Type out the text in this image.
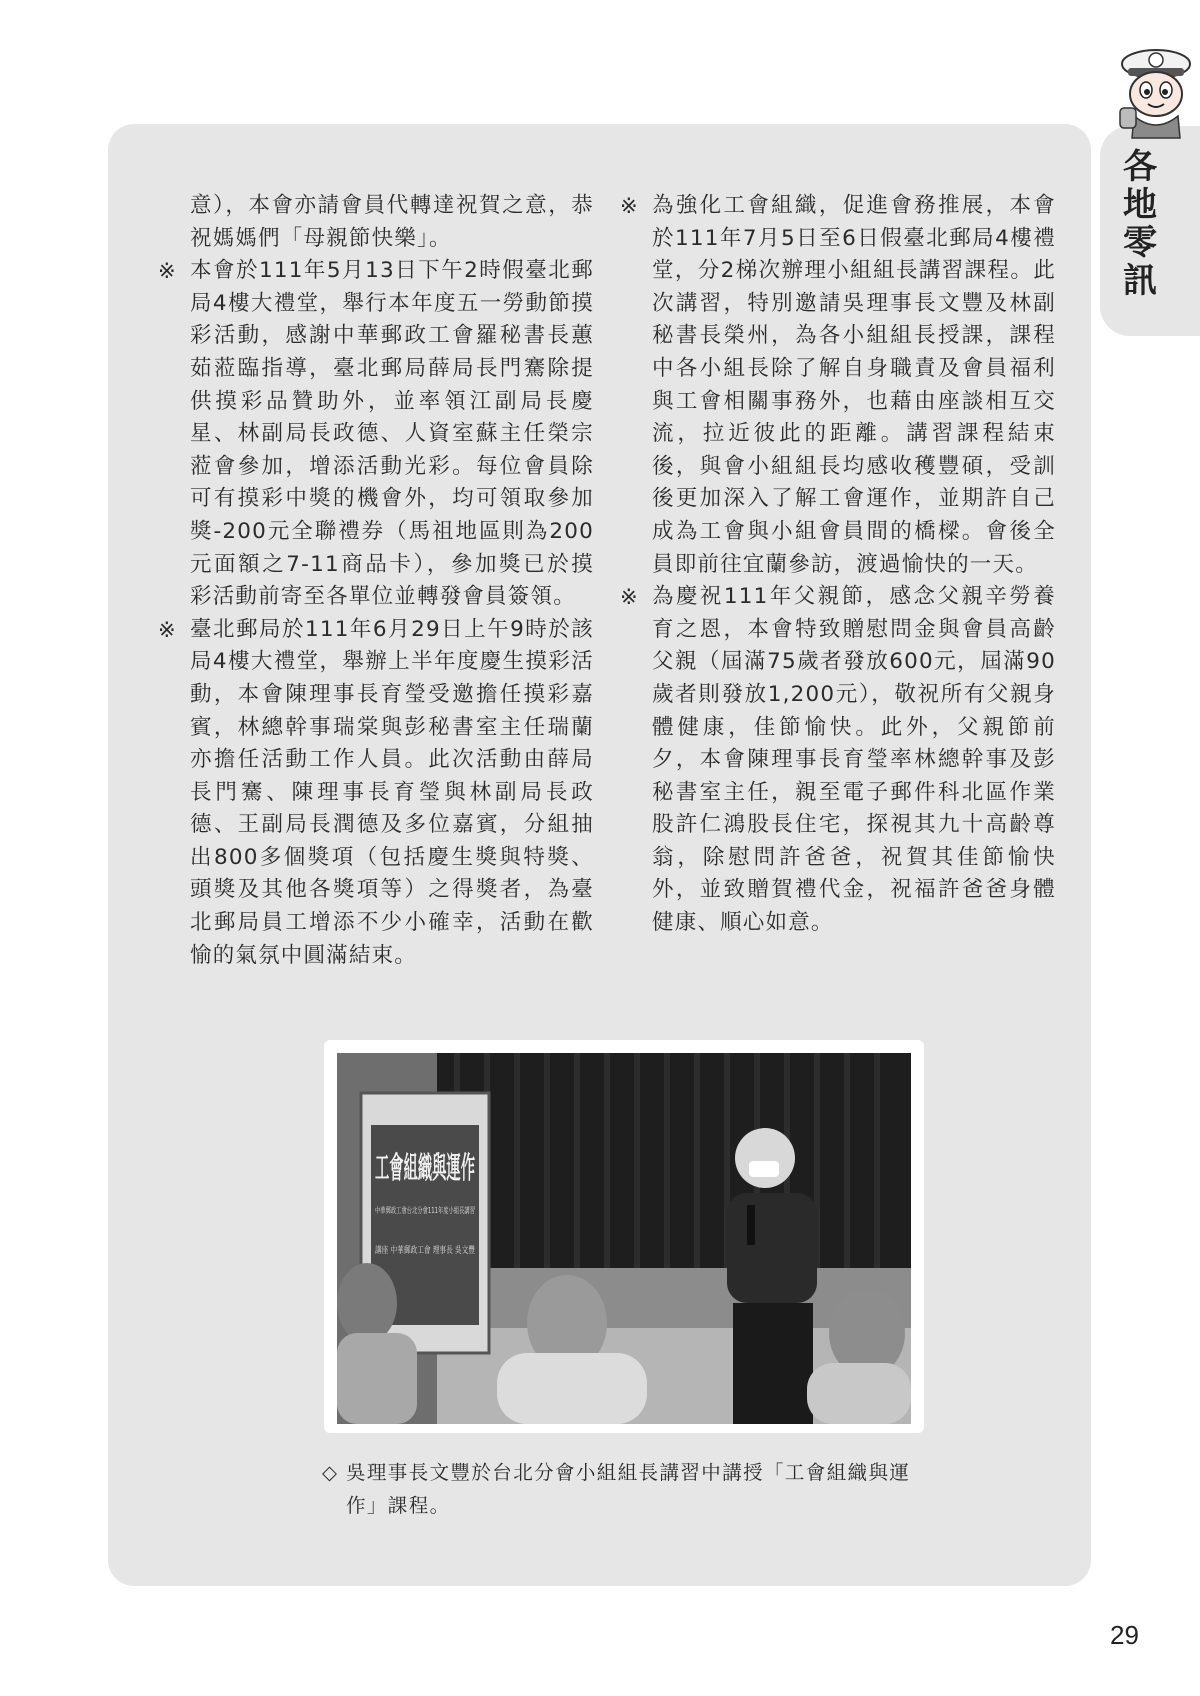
各
地
零
訊
意），本會亦請會員代轉達祝賀之意，恭祝媽媽們「母親節快樂」。
※ 本會於111年5月13日下午2時假臺北郵局4樓大禮堂，舉行本年度五一勞動節摸彩活動，感謝中華郵政工會羅秘書長蕙茹蒞臨指導，臺北郵局薛局長門騫除提供摸彩品贊助外，並率領江副局長慶星、林副局長政德、人資室蘇主任榮宗蒞會參加，增添活動光彩。每位會員除可有摸彩中獎的機會外，均可領取參加獎-200元全聯禮券（馬祖地區則為200元面額之7-11商品卡），參加獎已於摸彩活動前寄至各單位並轉發會員簽領。
※ 臺北郵局於111年6月29日上午9時於該局4樓大禮堂，舉辦上半年度慶生摸彩活動，本會陳理事長育瑩受邀擔任摸彩嘉賓，林總幹事瑞棠與彭秘書室主任瑞蘭亦擔任活動工作人員。此次活動由薛局長門騫、陳理事長育瑩與林副局長政德、王副局長潤德及多位嘉賓，分組抽出800多個獎項（包括慶生獎與特獎、頭獎及其他各獎項等）之得獎者，為臺北郵局員工增添不少小確幸，活動在歡愉的氣氛中圓滿結束。
※ 為強化工會組織，促進會務推展，本會於111年7月5日至6日假臺北郵局4樓禮堂，分2梯次辦理小組組長講習課程。此次講習，特別邀請吳理事長文豐及林副秘書長榮州，為各小組組長授課，課程中各小組長除了解自身職責及會員福利與工會相關事務外，也藉由座談相互交流，拉近彼此的距離。講習課程結束後，與會小組組長均感收穫豐碩，受訓後更加深入了解工會運作，並期許自己成為工會與小組會員間的橋樑。會後全員即前往宜蘭參訪，渡過愉快的一天。
※ 為慶祝111年父親節，感念父親辛勞養育之恩，本會特致贈慰問金與會員高齡父親（屆滿75歲者發放600元，屆滿90歲者則發放1,200元），敬祝所有父親身體健康，佳節愉快。此外，父親節前夕，本會陳理事長育瑩率林總幹事及彭秘書室主任，親至電子郵件科北區作業股許仁鴻股長住宅，探視其九十高齡尊翁，除慰問許爸爸，祝賀其佳節愉快外，並致贈賀禮代金，祝福許爸爸身體健康、順心如意。
工會組織與運作
中華郵政工會台北分會111年度小組長講習
講座 中華郵政工會 理事長 吳文豐
◇ 吳理事長文豐於台北分會小組組長講習中講授「工會組織與運作」課程。
29
